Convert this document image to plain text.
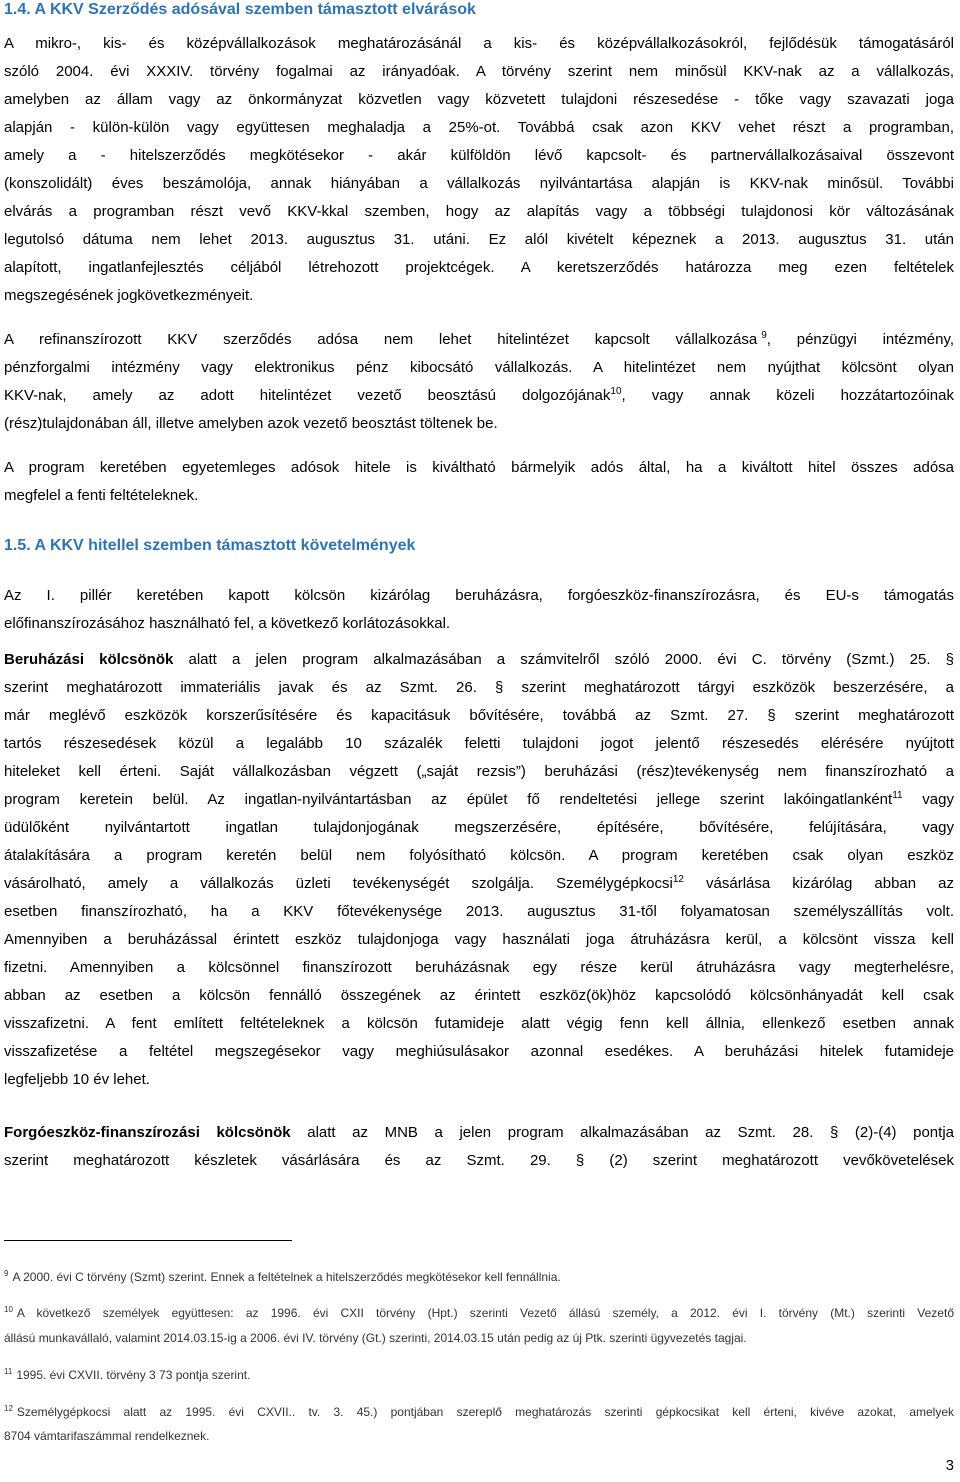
1.4. A KKV Szerződés adósával szemben támasztott elvárások
A mikro-, kis- és középvállalkozások meghatározásánál a kis- és középvállalkozásokról, fejlődésük támogatásáról
szóló 2004. évi XXXIV. törvény fogalmai az irányadóak. A törvény szerint nem minősül KKV-nak az a vállalkozás,
amelyben az állam vagy az önkormányzat közvetlen vagy közvetett tulajdoni részesedése - tőke vagy szavazati joga
alapján - külön-külön vagy együttesen meghaladja a 25%-ot. Továbbá csak azon KKV vehet részt a programban,
amely a - hitelszerződés megkötésekor - akár külföldön lévő kapcsolt- és partnervállalkozásaival összevont
(konszolidált) éves beszámolója, annak hiányában a vállalkozás nyilvántartása alapján is KKV-nak minősül. További
elvárás a programban részt vevő KKV-kkal szemben, hogy az alapítás vagy a többségi tulajdonosi kör változásának
legutolsó dátuma nem lehet 2013. augusztus 31. utáni. Ez alól kivételt képeznek a 2013. augusztus 31. után
alapított, ingatlanfejlesztés céljából létrehozott projektcégek. A keretszerződés határozza meg ezen feltételek
megszegésének jogkövetkezményeit.
A refinanszírozott KKV szerződés adósa nem lehet hitelintézet kapcsolt vállalkozása $^9$, pénzügyi intézmény,
pénzforgalmi intézmény vagy elektronikus pénz kibocsátó vállalkozás. A hitelintézet nem nyújthat kölcsönt olyan
KKV-nak, amely az adott hitelintézet vezető beosztású dolgozójának$^{10}$, vagy annak közeli hozzátartozóinak
(rész)tulajdonában áll, illetve amelyben azok vezető beosztást töltenek be.
A program keretében egyetemleges adósok hitele is kiváltható bármelyik adós által, ha a kiváltott hitel összes adósa
megfelel a fenti feltételeknek.
1.5. A KKV hitellel szemben támasztott követelmények
Az I. pillér keretében kapott kölcsön kizárólag beruházásra, forgóeszköz-finanszírozásra, és EU-s támogatás
előfinanszírozásához használható fel, a következő korlátozásokkal.
Beruházási kölcsönök alatt a jelen program alkalmazásában a számvitelről szóló 2000. évi C. törvény (Szmt.) 25. §
szerint meghatározott immateriális javak és az Szmt. 26. § szerint meghatározott tárgyi eszközök beszerzésére, a
már meglévő eszközök korszerűsítésére és kapacitásuk bővítésére, továbbá az Szmt. 27. § szerint meghatározott
tartós részesedések közül a legalább 10 százalék feletti tulajdoni jogot jelentő részesedés elérésére nyújtott
hiteleket kell érteni. Saját vállalkozásban végzett („saját rezsis”) beruházási (rész)tevékenység nem finanszírozható a
program keretein belül. Az ingatlan-nyilvántartásban az épület fő rendeltetési jellege szerint lakóingatlanként$^{11}$ vagy
üdülőként nyilvántartott ingatlan tulajdonjogának megszerzésére, építésére, bővítésére, felújítására, vagy
átalakítására a program keretén belül nem folyósítható kölcsön. A program keretében csak olyan eszköz
vásárolható, amely a vállalkozás üzleti tevékenységét szolgálja. Személygépkocsi$^{12}$ vásárlása kizárólag abban az
esetben finanszírozható, ha a KKV főtevékenysége 2013. augusztus 31-től folyamatosan személyszállítás volt.
Amennyiben a beruházással érintett eszköz tulajdonjoga vagy használati joga átruházásra kerül, a kölcsönt vissza kell
fizetni. Amennyiben a kölcsönnel finanszírozott beruházásnak egy része kerül átruházásra vagy megterhelésre,
abban az esetben a kölcsön fennálló összegének az érintett eszköz(ök)höz kapcsolódó kölcsönhányadát kell csak
visszafizetni. A fent említett feltételeknek a kölcsön futamideje alatt végig fenn kell állnia, ellenkező esetben annak
visszafizetése a feltétel megszegésekor vagy meghiúsulásakor azonnal esedékes. A beruházási hitelek futamideje
legfeljebb 10 év lehet.
Forgóeszköz-finanszírozási kölcsönök alatt az MNB a jelen program alkalmazásában az Szmt. 28. § (2)-(4) pontja
szerint meghatározott készletek vásárlására és az Szmt. 29. § (2) szerint meghatározott vevőkövetelések
$^9$ A 2000. évi C törvény (Szmt) szerint. Ennek a feltételnek a hitelszerződés megkötésekor kell fennállnia.
$^{10}$ A következő személyek együttesen: az 1996. évi CXII törvény (Hpt.) szerinti Vezető állású személy, a 2012. évi I. törvény (Mt.) szerinti Vezető
állású munkavállaló, valamint 2014.03.15-ig a 2006. évi IV. törvény (Gt.) szerinti, 2014.03.15 után pedig az új Ptk. szerinti ügyvezetés tagjai.
$^{11}$ 1995. évi CXVII. törvény 3 73 pontja szerint.
$^{12}$ Személygépkocsi alatt az 1995. évi CXVII.. tv. 3. 45.) pontjában szereplő meghatározás szerinti gépkocsikat kell érteni, kivéve azokat, amelyek
8704 vámtarifaszámmal rendelkeznek.
3
